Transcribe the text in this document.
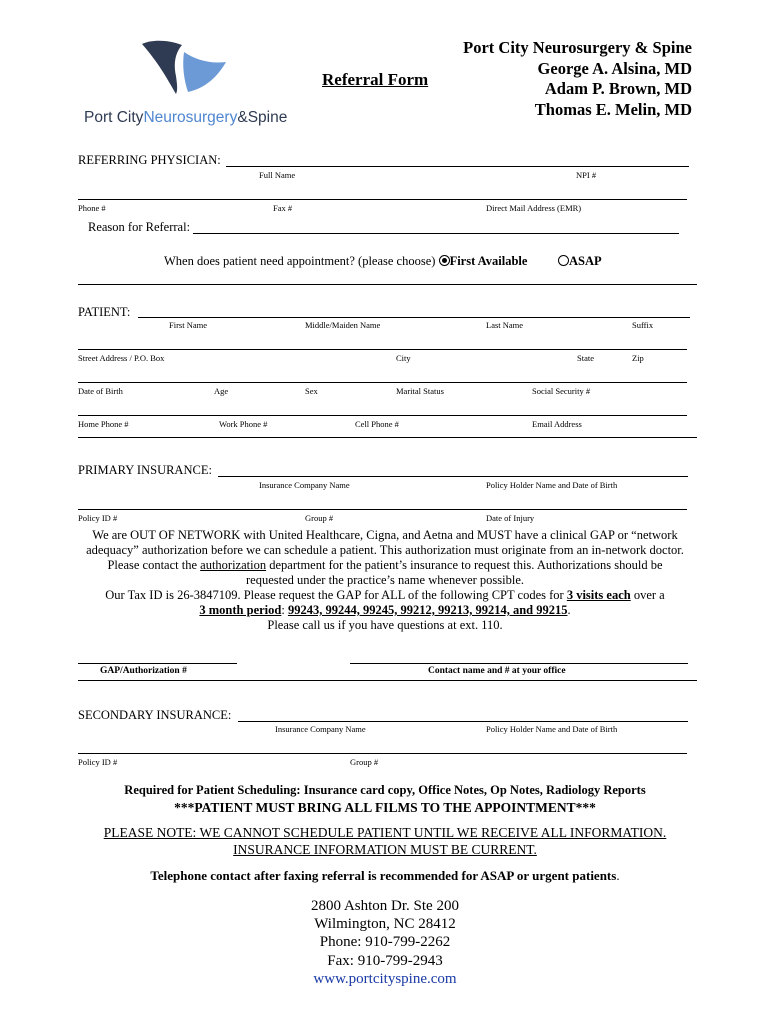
Port CityNeurosurgery&Spine
Referral Form
Port City Neurosurgery & Spine
George A. Alsina, MD
Adam P. Brown, MD
Thomas E. Melin, MD
REFERRING PHYSICIAN:
Full Name	NPI #
Phone #	Fax #	Direct Mail Address (EMR)
Reason for Referral:
When does patient need appointment? (please choose) First Available	ASAP
PATIENT:
First Name	Middle/Maiden Name	Last Name	Suffix
Street Address / P.O. Box	City	State	Zip
Date of Birth	Age	Sex	Marital Status	Social Security #
Home Phone #	Work Phone #	Cell Phone #	Email Address
PRIMARY INSURANCE:
Insurance Company Name	Policy Holder Name and Date of Birth
Policy ID #	Group #	Date of Injury
We are OUT OF NETWORK with United Healthcare, Cigna, and Aetna and MUST have a clinical GAP or “network
adequacy” authorization before we can schedule a patient. This authorization must originate from an in-network doctor.
Please contact the authorization department for the patient’s insurance to request this. Authorizations should be
requested under the practice’s name whenever possible.
Our Tax ID is 26-3847109. Please request the GAP for ALL of the following CPT codes for 3 visits each over a
3 month period: 99243, 99244, 99245, 99212, 99213, 99214, and 99215.
Please call us if you have questions at ext. 110.
GAP/Authorization #	Contact name and # at your office
SECONDARY INSURANCE:
Insurance Company Name	Policy Holder Name and Date of Birth
Policy ID #	Group #
Required for Patient Scheduling: Insurance card copy, Office Notes, Op Notes, Radiology Reports
***PATIENT MUST BRING ALL FILMS TO THE APPOINTMENT***
PLEASE NOTE: WE CANNOT SCHEDULE PATIENT UNTIL WE RECEIVE ALL INFORMATION.
INSURANCE INFORMATION MUST BE CURRENT.
Telephone contact after faxing referral is recommended for ASAP or urgent patients.
2800 Ashton Dr. Ste 200
Wilmington, NC 28412
Phone: 910-799-2262
Fax: 910-799-2943
www.portcityspine.com
